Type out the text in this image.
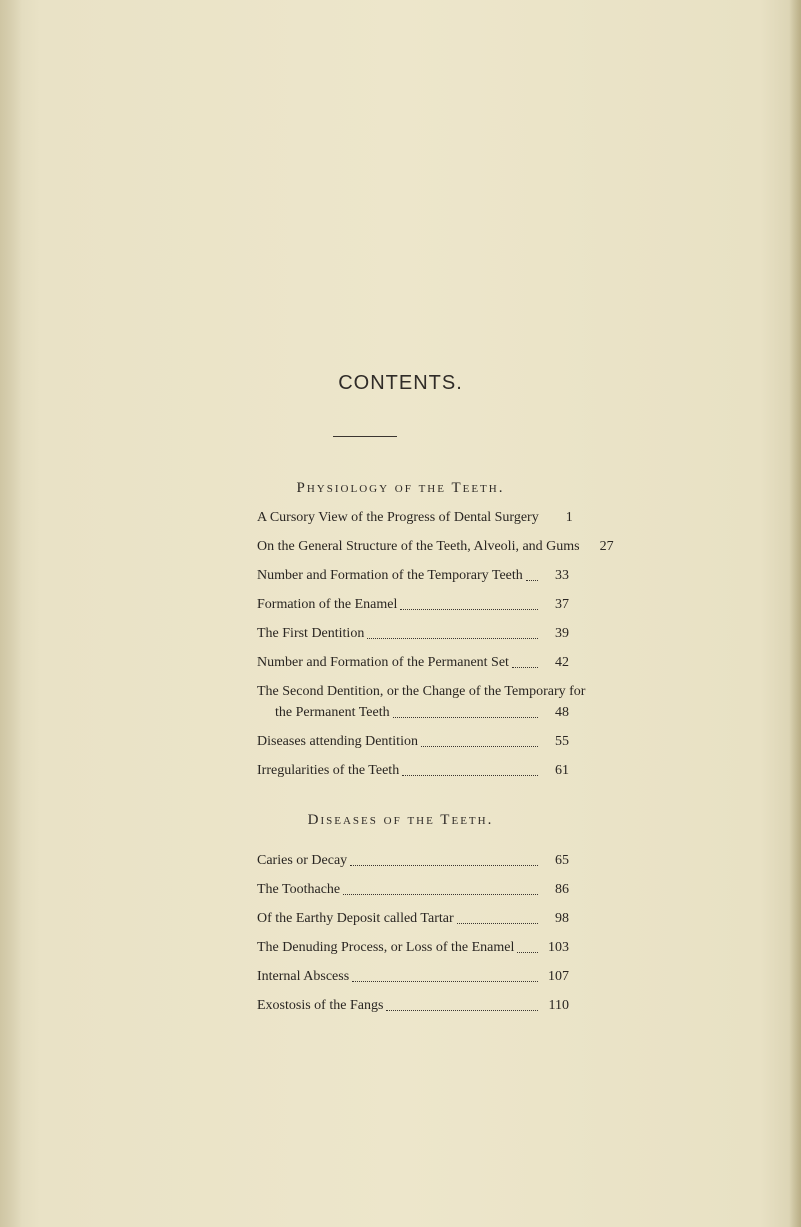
CONTENTS.
Physiology of the Teeth.
A Cursory View of the Progress of Dental Surgery	1
On the General Structure of the Teeth, Alveoli, and Gums	27
Number and Formation of the Temporary Teeth	33
Formation of the Enamel	37
The First Dentition	39
Number and Formation of the Permanent Set	42
The Second Dentition, or the Change of the Temporary for
the Permanent Teeth	48
Diseases attending Dentition	55
Irregularities of the Teeth	61
Diseases of the Teeth.
Caries or Decay	65
The Toothache	86
Of the Earthy Deposit called Tartar	98
The Denuding Process, or Loss of the Enamel	103
Internal Abscess	107
Exostosis of the Fangs	110
